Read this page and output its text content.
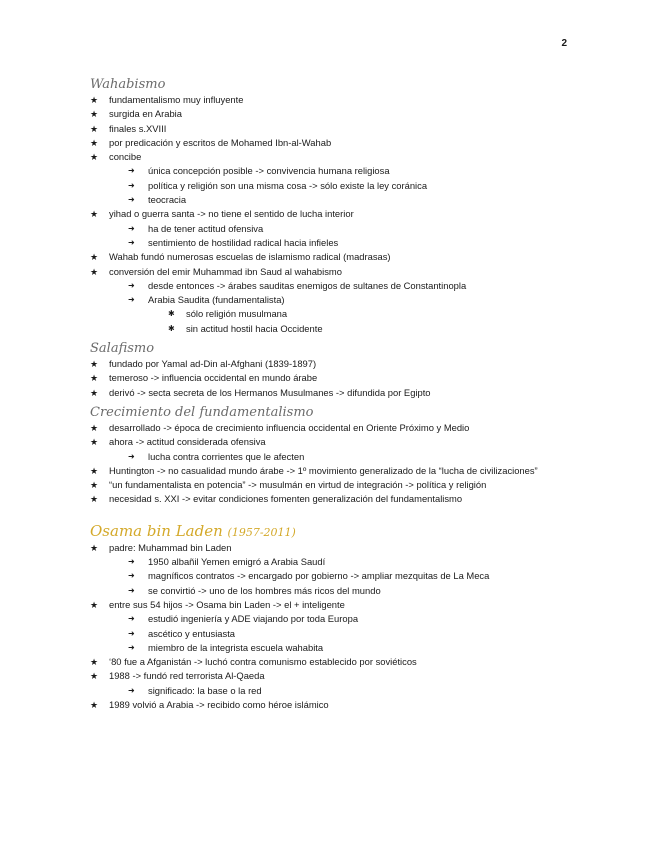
2
Wahabismo
★ fundamentalismo muy influyente
★ surgida en Arabia
★ finales s.XVIII
★ por predicación y escritos de Mohamed Ibn-al-Wahab
★ concibe
➜ única concepción posible -> convivencia humana religiosa
➜ política y religión son una misma cosa -> sólo existe la ley coránica
➜ teocracia
★ yihad o guerra santa -> no tiene el sentido de lucha interior
➜ ha de tener actitud ofensiva
➜ sentimiento de hostilidad radical hacia infieles
★ Wahab fundó numerosas escuelas de islamismo radical (madrasas)
★ conversión del emir Muhammad ibn Saud al wahabismo
➜ desde entonces -> árabes sauditas enemigos de sultanes de Constantinopla
➜ Arabia Saudita (fundamentalista)
✱ sólo religión musulmana
✱ sin actitud hostil hacia Occidente
Salafismo
★ fundado por Yamal ad-Din al-Afghani (1839-1897)
★ temeroso -> influencia occidental en mundo árabe
★ derivó -> secta secreta de los Hermanos Musulmanes -> difundida por Egipto
Crecimiento del fundamentalismo
★ desarrollado -> época de crecimiento influencia occidental en Oriente Próximo y Medio
★ ahora -> actitud considerada ofensiva
➜ lucha contra corrientes que le afecten
★ Huntington -> no casualidad mundo árabe -> 1º movimiento generalizado de la “lucha de civilizaciones”
★ “un fundamentalista en potencia” -> musulmán en virtud de integración -> política y religión
★ necesidad s. XXI -> evitar condiciones fomenten generalización del fundamentalismo
Osama bin Laden (1957-2011)
★ padre: Muhammad bin Laden
➜ 1950 albañil Yemen emigró a Arabia Saudí
➜ magníficos contratos -> encargado por gobierno -> ampliar mezquitas de La Meca
➜ se convirtió -> uno de los hombres más ricos del mundo
★ entre sus 54 hijos -> Osama bin Laden -> el + inteligente
➜ estudió ingeniería y ADE viajando por toda Europa
➜ ascético y entusiasta
➜ miembro de la integrista escuela wahabita
★ ‘80 fue a Afganistán -> luchó contra comunismo establecido por soviéticos
★ 1988 -> fundó red terrorista Al-Qaeda
➜ significado: la base o la red
★ 1989 volvió a Arabia -> recibido como héroe islámico
